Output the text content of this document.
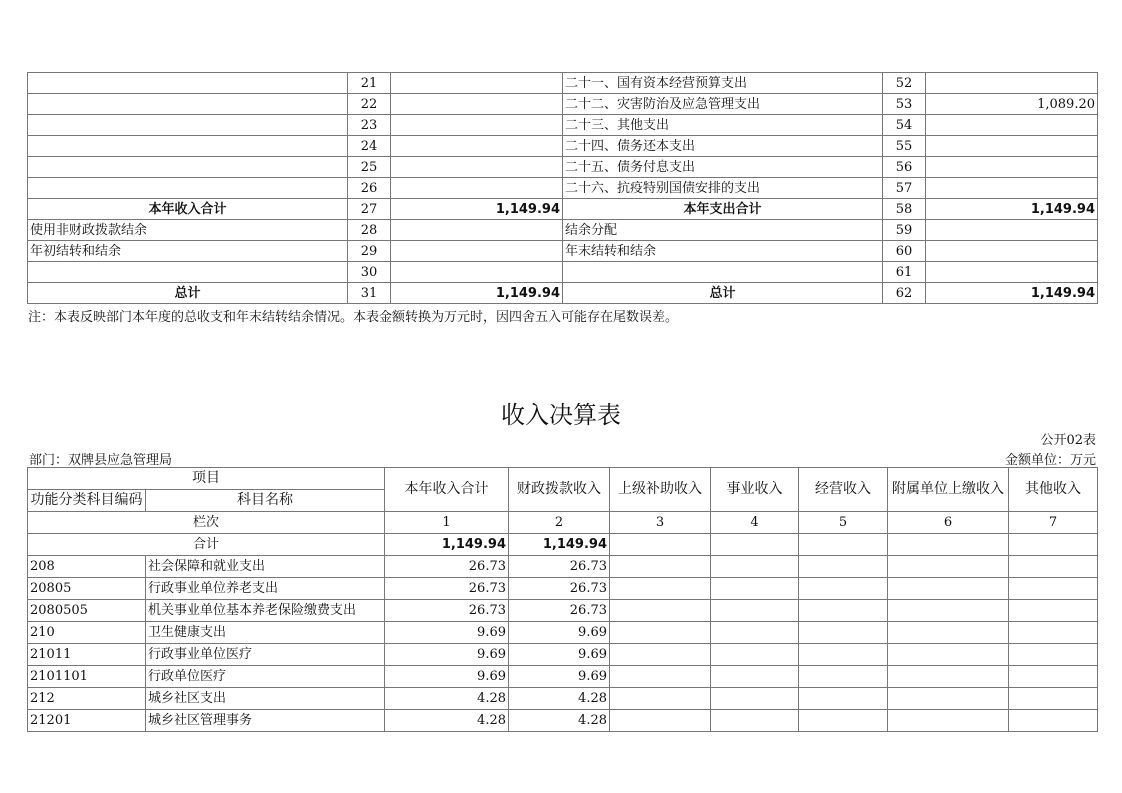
	21		二十一、国有资本经营预算支出	52	
	22		二十二、灾害防治及应急管理支出	53	1,089.20
	23		二十三、其他支出	54	
	24		二十四、债务还本支出	55	
	25		二十五、债务付息支出	56	
	26		二十六、抗疫特别国债安排的支出	57	
本年收入合计	27	1,149.94	本年支出合计	58	1,149.94
使用非财政拨款结余	28		结余分配	59	
年初结转和结余	29		年末结转和结余	60	
	30			61	
总计	31	1,149.94	总计	62	1,149.94
注：本表反映部门本年度的总收支和年末结转结余情况。本表金额转换为万元时，因四舍五入可能存在尾数误差。
收入决算表
公开02表
部门：双牌县应急管理局	金额单位：万元
项目		本年收入合计	财政拨款收入	上级补助收入	事业收入	经营收入	附属单位上缴收入	其他收入
功能分类科目编码	科目名称							
栏次		1	2	3	4	5	6	7
合计		1,149.94	1,149.94					
208	社会保障和就业支出	26.73	26.73					
20805	行政事业单位养老支出	26.73	26.73					
2080505	机关事业单位基本养老保险缴费支出	26.73	26.73					
210	卫生健康支出	9.69	9.69					
21011	行政事业单位医疗	9.69	9.69					
2101101	行政单位医疗	9.69	9.69					
212	城乡社区支出	4.28	4.28					
21201	城乡社区管理事务	4.28	4.28					
